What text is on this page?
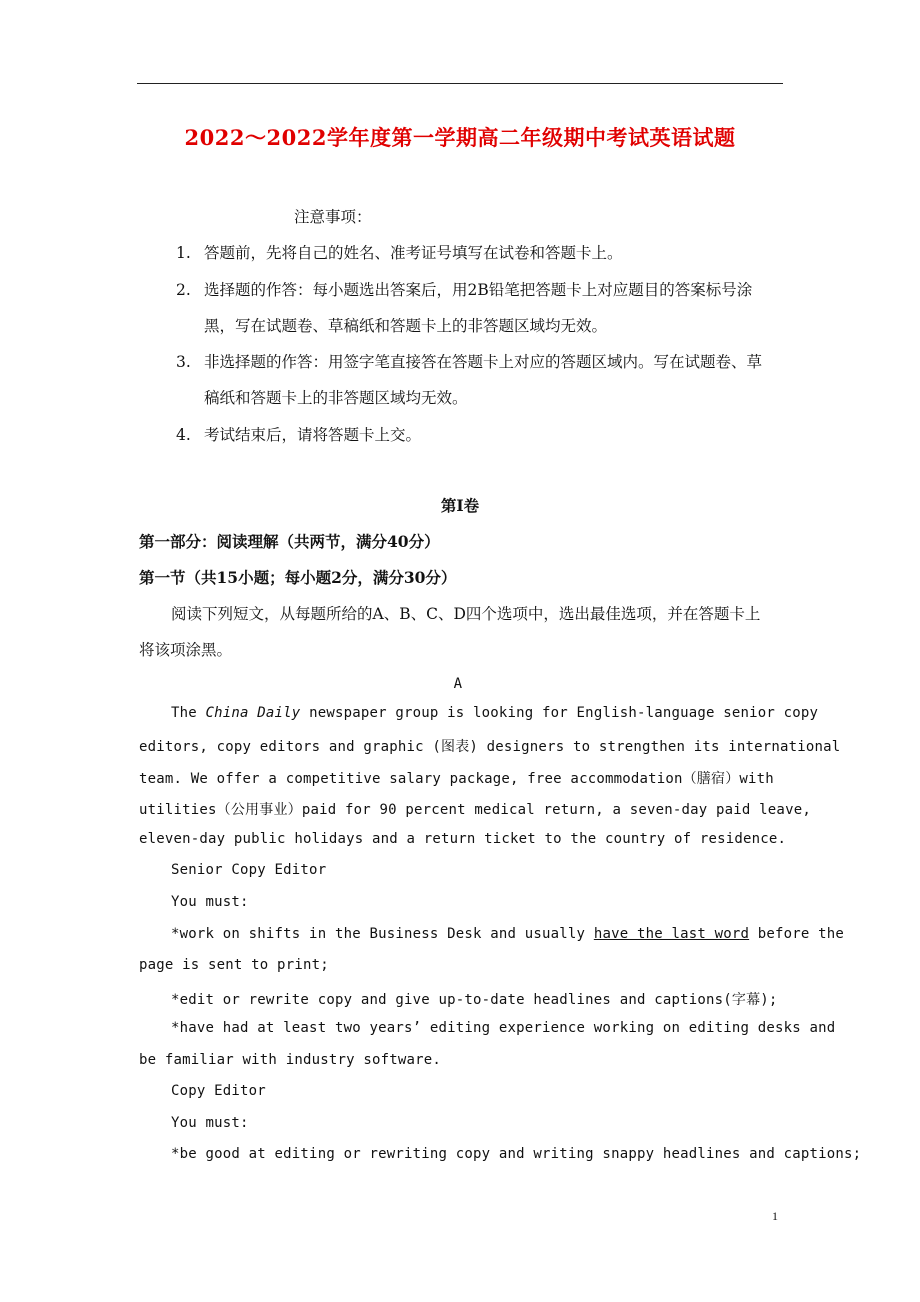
2022～2022学年度第一学期高二年级期中考试英语试题
注意事项：
1. 答题前，先将自己的姓名、准考证号填写在试卷和答题卡上。
2. 选择题的作答：每小题选出答案后，用2B铅笔把答题卡上对应题目的答案标号涂
黑，写在试题卷、草稿纸和答题卡上的非答题区域均无效。
3. 非选择题的作答：用签字笔直接答在答题卡上对应的答题区域内。写在试题卷、草
稿纸和答题卡上的非答题区域均无效。
4. 考试结束后，请将答题卡上交。
第I卷
第一部分：阅读理解（共两节，满分40分）
第一节（共15小题；每小题2分，满分30分）
阅读下列短文，从每题所给的A、B、C、D四个选项中，选出最佳选项，并在答题卡上
将该项涂黑。
A
The China Daily newspaper group is looking for English-language senior copy
editors, copy editors and graphic (图表) designers to strengthen its international
team. We offer a competitive salary package, free accommodation（膳宿）with
utilities（公用事业）paid for 90 percent medical return, a seven-day paid leave,
eleven-day public holidays and a return ticket to the country of residence.
Senior Copy Editor
You must:
*work on shifts in the Business Desk and usually have the last word before the
page is sent to print;
*edit or rewrite copy and give up-to-date headlines and captions(字幕);
*have had at least two years’ editing experience working on editing desks and
be familiar with industry software.
Copy Editor
You must:
*be good at editing or rewriting copy and writing snappy headlines and captions;
1
